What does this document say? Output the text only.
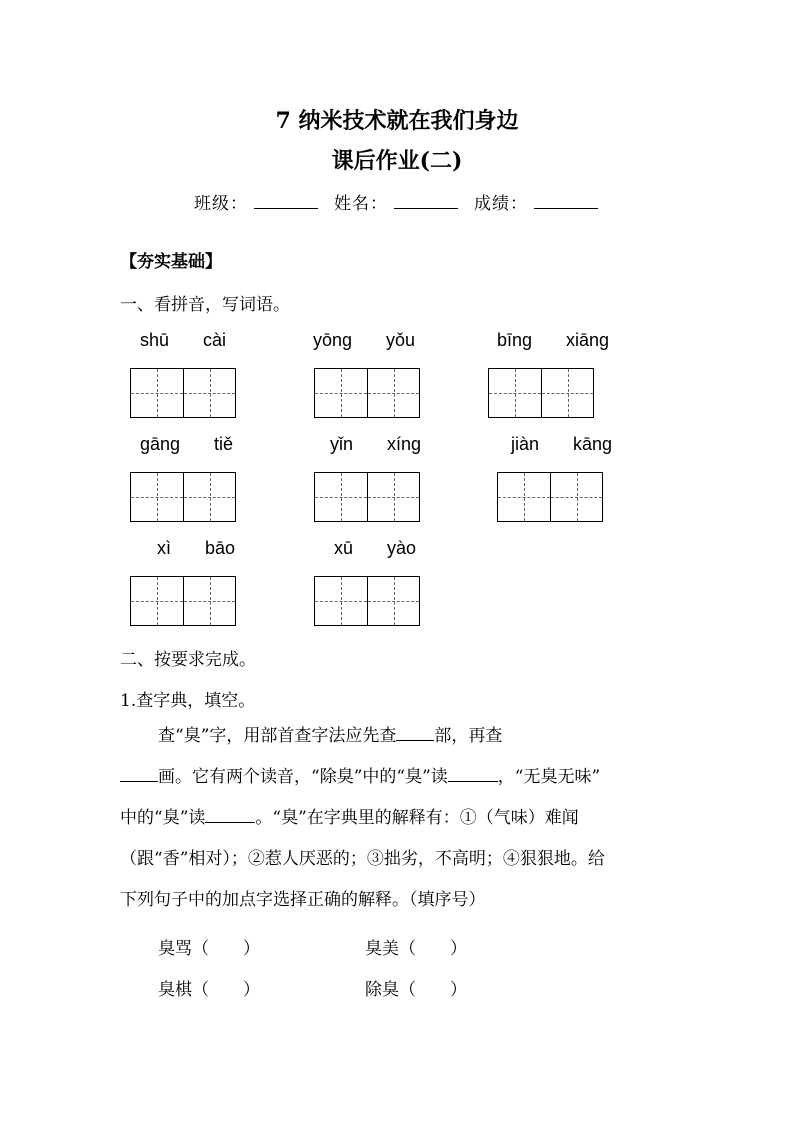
7 纳米技术就在我们身边
课后作业(二)
班级：	姓名：	成绩：
【夯实基础】
一、看拼音，写词语。
shū  cài	yōng  yǒu	bīng  xiāng
gāng  tiě	yǐn  xíng	jiàn  kāng
xì  bāo	xū  yào
二、按要求完成。
1.查字典，填空。
查“臭”字，用部首查字法应先查 部，再查
画。它有两个读音，“除臭”中的“臭”读	，“无臭无味”
中的“臭”读	。“臭”在字典里的解释有：①（气味）难闻
（跟“香”相对）；②惹人厌恶的；③拙劣，不高明；④狠狠地。给
下列句子中的加点字选择正确的解释。（填序号）
臭骂（　　）	臭美（　　）
臭棋（　　）	除臭（　　）
